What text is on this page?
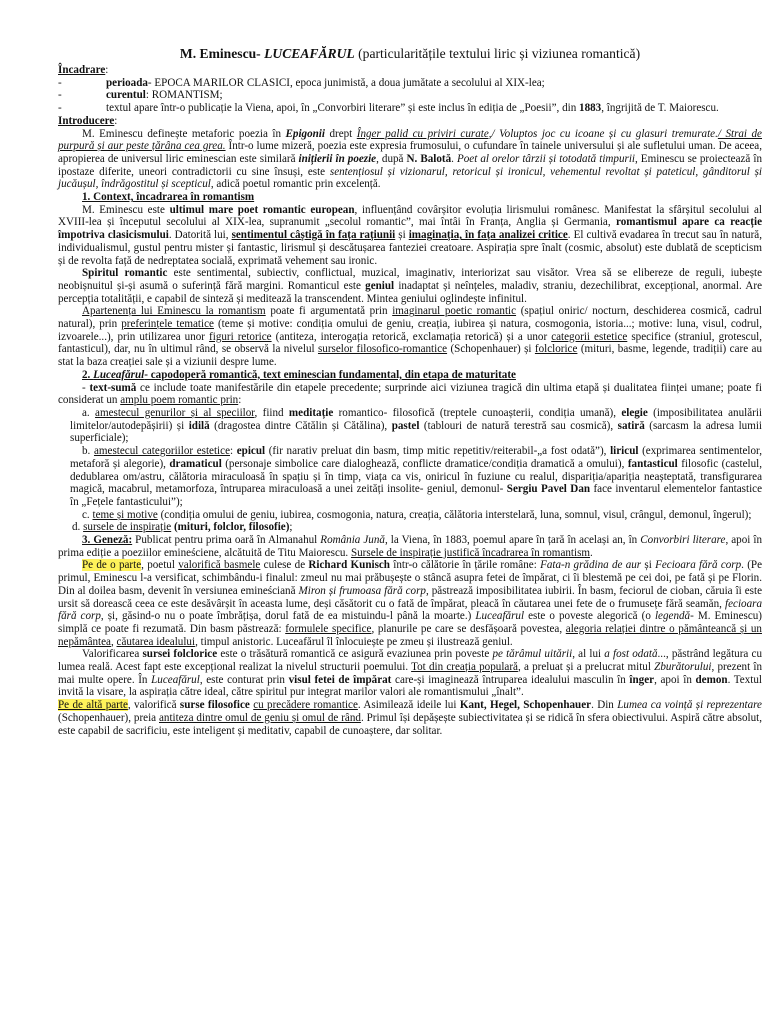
M. Eminescu- LUCEAFĂRUL (particularitățile textului liric și viziunea romantică)

Încadrare:

-	perioada- EPOCA MARILOR CLASICI, epoca junimistă, a doua jumătate a secolului al XIX-lea;

-	curentul: ROMANTISM;

-	textul apare într-o publicație la Viena, apoi, în „Convorbiri literare” și este inclus în ediția de „Poesii”, din 1883, îngrijită de T. Maiorescu.

Introducere:

M. Eminescu definește metaforic poezia în Epigonii drept Înger palid cu priviri curate,/ Voluptos joc cu icoane și cu glasuri tremurate./ Strai de purpură și aur peste țărâna cea grea. Într-o lume mizeră, poezia este expresia frumosului, o cufundare în tainele universului și ale sufletului uman. De aceea, apropierea de universul liric eminescian este similară inițierii în poezie, după N. Balotă. Poet al orelor târzii și totodată timpurii, Eminescu se proiectează în ipostaze diferite, uneori contradictorii cu sine însuși, este sentențiosul și vizionarul, retoricul și ironicul, vehementul revoltat și pateticul, gânditorul și jucăușul, îndrăgostitul și scepticul, adică poetul romantic prin excelență.

1. Context, încadrarea în romantism

M. Eminescu este ultimul mare poet romantic european, influențând covârșitor evoluția lirismului românesc. Manifestat la sfârșitul secolului al XVIII-lea și începutul secolului al XIX-lea, supranumit „secolul romantic”, mai întâi în Franța, Anglia și Germania, romantismul apare ca reacție împotriva clasicismului. Datorită lui, sentimentul câștigă în fața rațiunii și imaginația, în fața analizei critice. El cultivă evadarea în trecut sau în natură, individualismul, gustul pentru mister și fantastic, lirismul și descătușarea fanteziei creatoare. Aspirația spre înalt (cosmic, absolut) este dublată de scepticism și de revolta față de nedreptatea socială, exprimată vehement sau ironic.

Spiritul romantic este sentimental, subiectiv, conflictual, muzical, imaginativ, interiorizat sau visător. Vrea să se elibereze de reguli, iubește neobișnuitul și-și asumă o suferință fără margini. Romanticul este geniul inadaptat și neînțeles, maladiv, straniu, dezechilibrat, excepțional, anormal. Are percepția totalității, e capabil de sinteză și meditează la transcendent. Mintea geniului oglindește infinitul.

Apartenența lui Eminescu la romantism poate fi argumentată prin imaginarul poetic romantic (spațiul oniric/ nocturn, deschiderea cosmică, cadrul natural), prin preferințele tematice (teme și motive: condiția omului de geniu, creația, iubirea și natura, cosmogonia, istoria...; motive: luna, visul, codrul, izvoarele...), prin utilizarea unor figuri retorice (antiteza, interogația retorică, exclamația retorică) și a unor categorii estetice specifice (straniul, grotescul, fantasticul), dar, nu în ultimul rând, se observă la nivelul surselor filosofico-romantice (Schopenhauer) și folclorice (mituri, basme, legende, tradiții) care au stat la baza creației sale și a viziunii despre lume.

2. Luceafărul- capodoperă romantică, text eminescian fundamental, din etapa de maturitate

- text-sumă ce include toate manifestările din etapele precedente; surprinde aici viziunea tragică din ultima etapă și dualitatea ființei umane; poate fi considerat un amplu poem romantic prin:

a. amestecul genurilor și al speciilor, fiind meditație romantico- filosofică (treptele cunoașterii, condiția umană), elegie (imposibilitatea anulării limitelor/autodepășirii) și idilă (dragostea dintre Cătălin și Cătălina), pastel (tablouri de natură terestră sau cosmică), satiră (sarcasm la adresa lumii superficiale);

b. amestecul categoriilor estetice: epicul (fir narativ preluat din basm, timp mitic repetitiv/reiterabil-„a fost odată”), liricul (exprimarea sentimentelor, metaforă și alegorie), dramaticul (personaje simbolice care dialoghează, conflicte dramatice/condiția dramatică a omului), fantasticul filosofic (castelul, dedublarea om/astru, călătoria miraculoasă în spațiu și în timp, viața ca vis, oniricul în fuziune cu realul, dispariția/apariția neașteptată, transfigurarea magică, macabrul, metamorfoza, întruparea miraculoasă a unei zeități insolite- geniul, demonul- Sergiu Pavel Dan face inventarul elementelor fantastice în „Fețele fantasticului”);

c. teme și motive (condiția omului de geniu, iubirea, cosmogonia, natura, creația, călătoria interstelară, luna, somnul, visul, crângul, demonul, îngerul);

d. sursele de inspirație (mituri, folclor, filosofie);

3. Geneză: Publicat pentru prima oară în Almanahul România Jună, la Viena, în 1883, poemul apare în țară în același an, în Convorbiri literare, apoi în prima ediție a poeziilor emineściene, alcătuită de Titu Maiorescu. Sursele de inspirație justifică încadrarea în romantism.

Pe de o parte, poetul valorifică basmele culese de Richard Kunisch într-o călătorie în țările române: Fata-n grădina de aur și Fecioara fără corp. (Pe primul, Eminescu l-a versificat, schimbându-i finalul: zmeul nu mai prăbușește o stâncă asupra fetei de împărat, ci îi blestemă pe cei doi, pe fată și pe Florin. Din al doilea basm, devenit în versiunea emineściană Miron și frumoasa fără corp, păstrează imposibilitatea iubirii. În basm, feciorul de cioban, căruia îi este ursit să dorească ceea ce este desăvârșit în aceasta lume, deși căsătorit cu o fată de împărat, pleacă în căutarea unei fete de o frumusețe fără seamăn, fecioara fără corp, și, găsind-o nu o poate îmbrățișa, dorul fată de ea mistuindu-l până la moarte.) Luceafărul este o poveste alegorică (o legendă- M. Eminescu) simplă ce poate fi rezumată. Din basm păstrează: formulele specifice, planurile pe care se desfășoară povestea, alegoria relației dintre o pământeancă și un nepământea, căutarea idealului, timpul anistoric. Luceafărul îl înlocuiește pe zmeu și ilustrează geniul.

Valorificarea sursei folclorice este o trăsătură romantică ce asigură evaziunea prin poveste pe tărâmul uitării, al lui a fost odată..., păstrând legătura cu lumea reală. Acest fapt este excepțional realizat la nivelul structurii poemului. Tot din creația populară, a preluat și a prelucrat mitul Zburătorului, prezent în mai multe opere. În Luceafărul, este conturat prin visul fetei de împărat care-și imaginează întruparea idealului masculin în înger, apoi în demon. Textul invită la visare, la aspirația către ideal, către spiritul pur integrat marilor valori ale romantismului „înalt”.

Pe de altă parte, valorifică surse filosofice cu precădere romantice. Asimilează ideile lui Kant, Hegel, Schopenhauer. Din Lumea ca voință și reprezentare (Schopenhauer), preia antiteza dintre omul de geniu și omul de rând. Primul își depășește subiectivitatea și se ridică în sfera obiectivului. Aspiră către absolut, este capabil de sacrificiu, este inteligent și meditativ, capabil de cunoaștere, dar solitar.
